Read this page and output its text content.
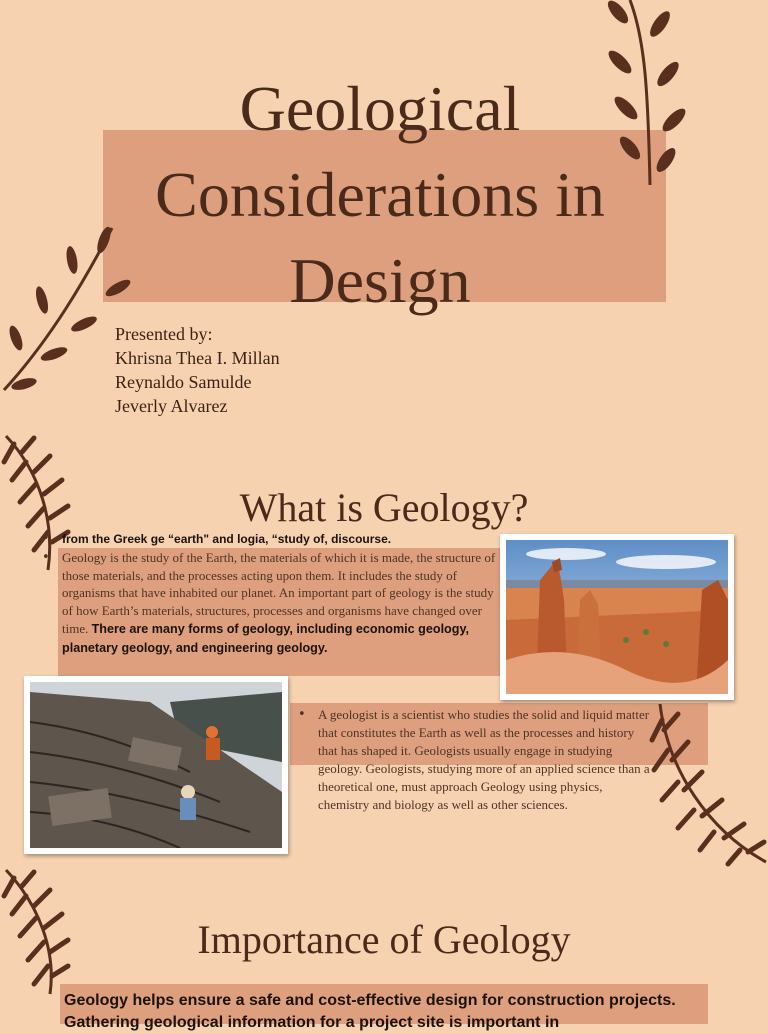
Geological
Considerations in
Design
Presented by:
Khrisna Thea I. Millan
Reynaldo Samulde
Jeverly Alvarez
What is Geology?
• from the Greek ge “earth" and logia, “study of, discourse.
• Geology is the study of the Earth, the materials of which it is made, the structure of those materials, and the processes acting upon them. It includes the study of organisms that have inhabited our planet. An important part of geology is the study of how Earth’s materials, structures, processes and organisms have changed over time. There are many forms of geology, including economic geology, planetary geology, and engineering geology.
• A geologist is a scientist who studies the solid and liquid matter that constitutes the Earth as well as the processes and history that has shaped it. Geologists usually engage in studying geology. Geologists, studying more of an applied science than a theoretical one, must approach Geology using physics, chemistry and biology as well as other sciences.
Importance of Geology
Geology helps ensure a safe and cost-effective design for construction projects. Gathering geological information for a project site is important in
